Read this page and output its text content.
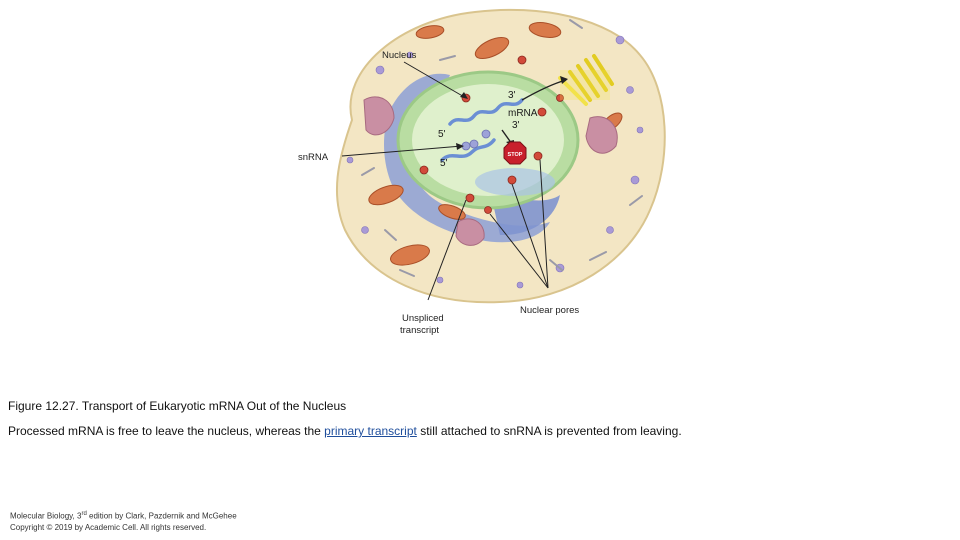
STOP
3'
mRNA
3'
5'
5'
Nucleus
snRNA
Unspliced
transcript
Nuclear pores
Figure 12.27. Transport of Eukaryotic mRNA Out of the Nucleus
Processed mRNA is free to leave the nucleus, whereas the primary transcript still attached to snRNA is prevented from leaving.
Molecular Biology, 3rd edition by Clark, Pazdernik and McGehee
Copyright © 2019 by Academic Cell. All rights reserved.
